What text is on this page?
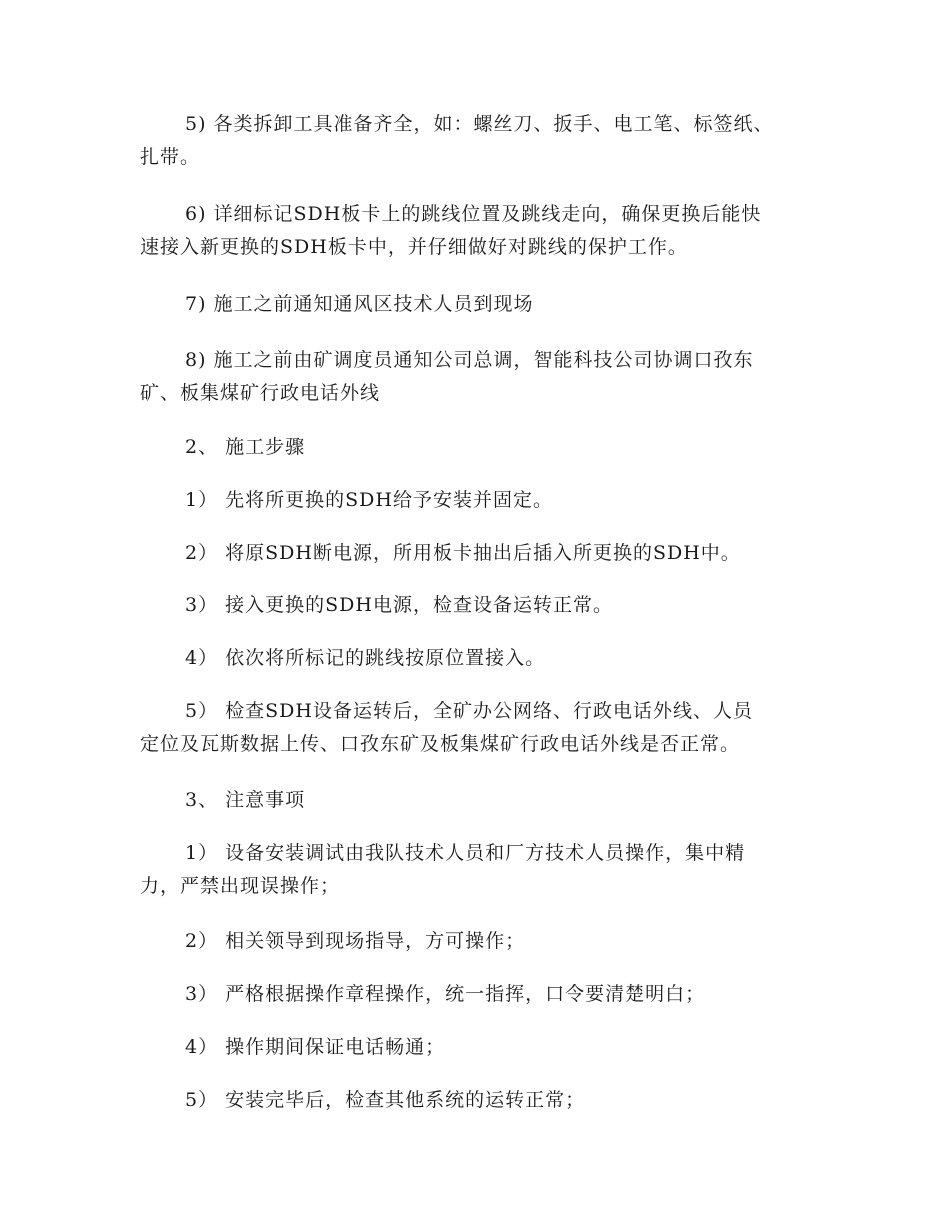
5) 各类拆卸工具准备齐全，如：螺丝刀、扳手、电工笔、标签纸、
扎带。

6) 详细标记SDH板卡上的跳线位置及跳线走向，确保更换后能快
速接入新更换的SDH板卡中，并仔细做好对跳线的保护工作。

7) 施工之前通知通风区技术人员到现场

8) 施工之前由矿调度员通知公司总调，智能科技公司协调口孜东
矿、板集煤矿行政电话外线

2、 施工步骤

1） 先将所更换的SDH给予安装并固定。

2） 将原SDH断电源，所用板卡抽出后插入所更换的SDH中。

3） 接入更换的SDH电源，检查设备运转正常。

4） 依次将所标记的跳线按原位置接入。

5） 检查SDH设备运转后，全矿办公网络、行政电话外线、人员
定位及瓦斯数据上传、口孜东矿及板集煤矿行政电话外线是否正常。

3、 注意事项

1） 设备安装调试由我队技术人员和厂方技术人员操作，集中精
力，严禁出现误操作；

2） 相关领导到现场指导，方可操作；

3） 严格根据操作章程操作，统一指挥，口令要清楚明白；

4） 操作期间保证电话畅通；

5） 安装完毕后，检查其他系统的运转正常；
